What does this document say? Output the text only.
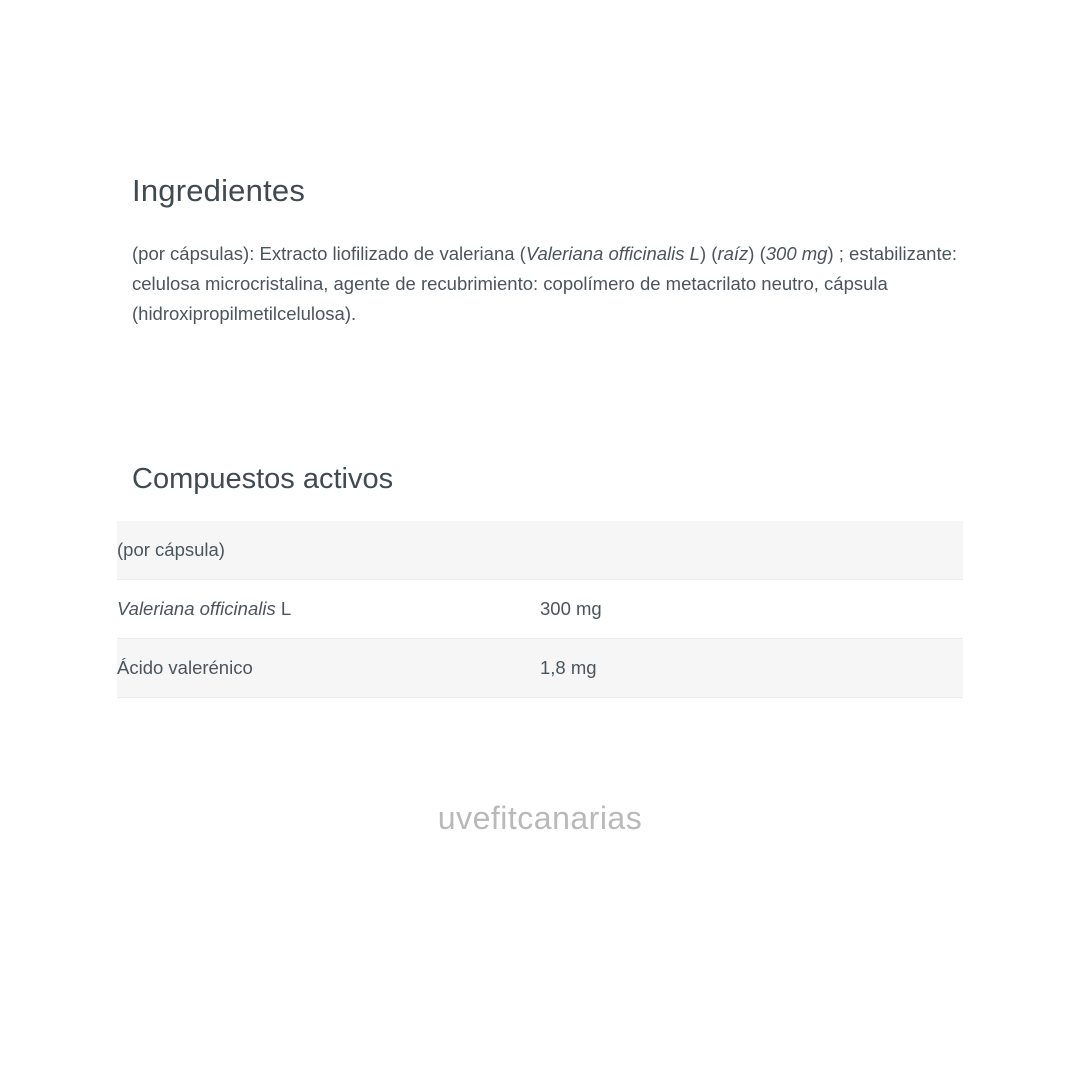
Ingredientes

(por cápsulas): Extracto liofilizado de valeriana (Valeriana officinalis L) (raíz) (300 mg) ; estabilizante: celulosa microcristalina, agente de recubrimiento: copolímero de metacrilato neutro, cápsula (hidroxipropilmetilcelulosa).

Compuestos activos
(por cápsula)	
Valeriana officinalis L	300 mg
Ácido valerénico	1,8 mg
uvefitcanarias
